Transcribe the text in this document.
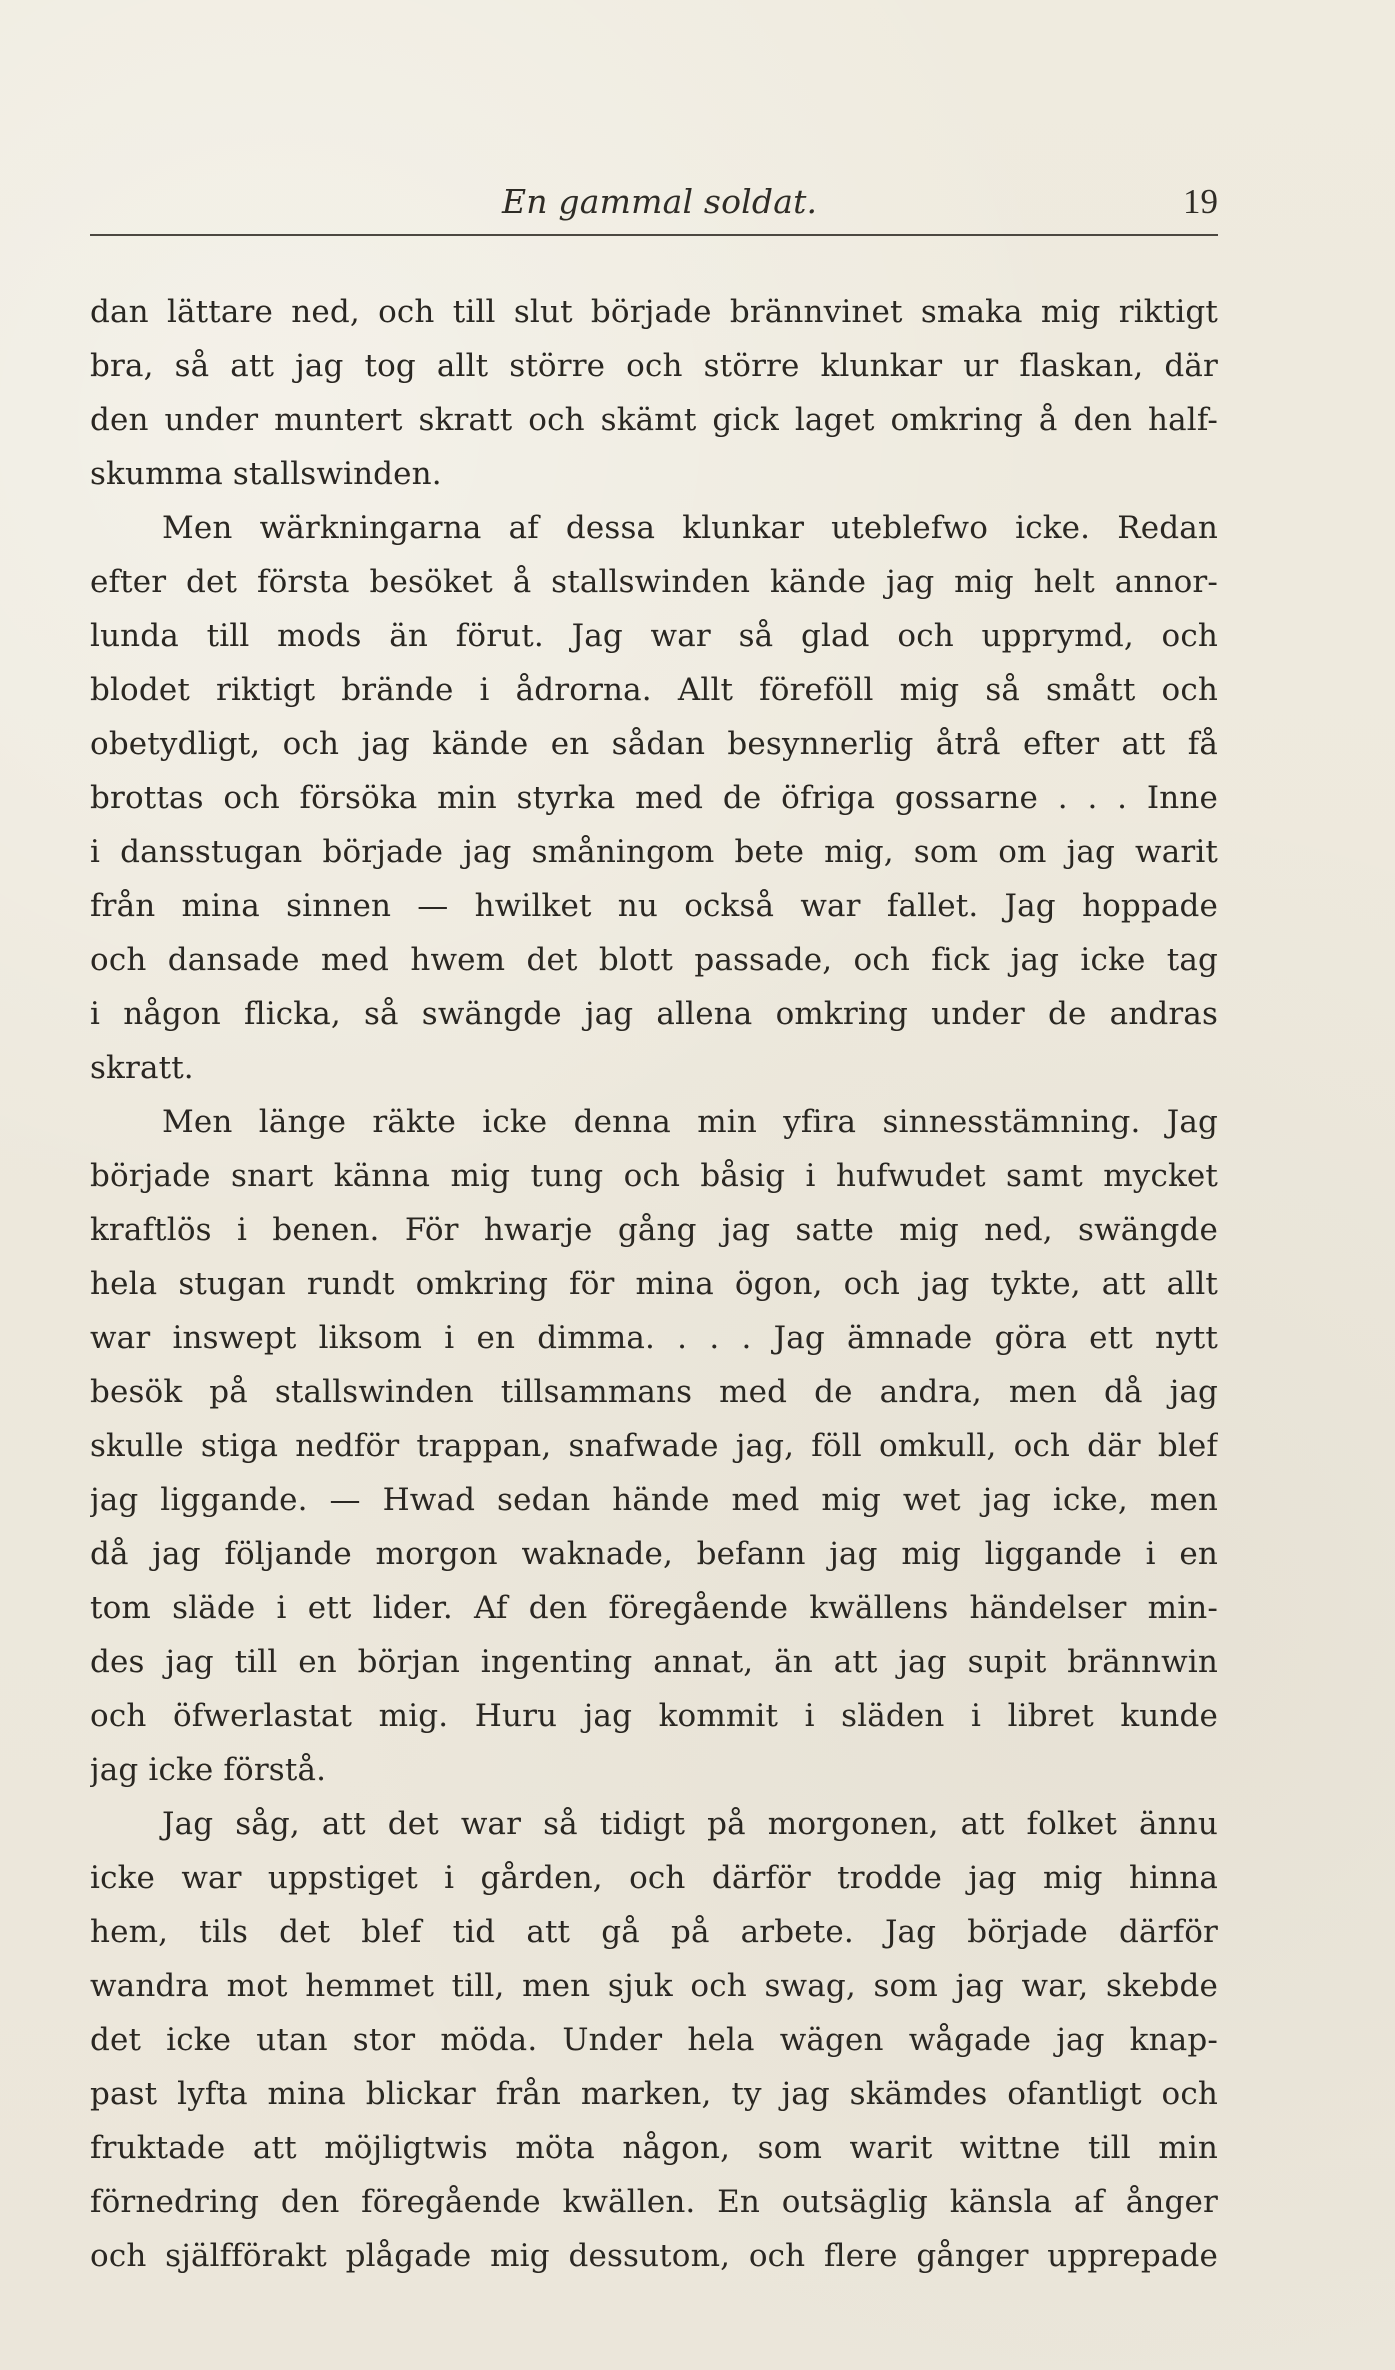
En gammal soldat.	19
dan lättare ned, och till slut började brännvinet smaka mig riktigt
bra, så att jag tog allt större och större klunkar ur flaskan, där
den under muntert skratt och skämt gick laget omkring å den half-
skumma stallswinden.
Men wärkningarna af dessa klunkar uteblefwo icke. Redan
efter det första besöket å stallswinden kände jag mig helt annor-
lunda till mods än förut. Jag war så glad och upprymd, och
blodet riktigt brände i ådrorna. Allt föreföll mig så smått och
obetydligt, och jag kände en sådan besynnerlig åtrå efter att få
brottas och försöka min styrka med de öfriga gossarne . . . Inne
i dansstugan började jag småningom bete mig, som om jag warit
från mina sinnen — hwilket nu också war fallet. Jag hoppade
och dansade med hwem det blott passade, och fick jag icke tag
i någon flicka, så swängde jag allena omkring under de andras
skratt.
Men länge räkte icke denna min yfira sinnesstämning. Jag
började snart känna mig tung och båsig i hufwudet samt mycket
kraftlös i benen. För hwarje gång jag satte mig ned, swängde
hela stugan rundt omkring för mina ögon, och jag tykte, att allt
war inswept liksom i en dimma. . . . Jag ämnade göra ett nytt
besök på stallswinden tillsammans med de andra, men då jag
skulle stiga nedför trappan, snafwade jag, föll omkull, och där blef
jag liggande. — Hwad sedan hände med mig wet jag icke, men
då jag följande morgon waknade, befann jag mig liggande i en
tom släde i ett lider. Af den föregående kwällens händelser min-
des jag till en början ingenting annat, än att jag supit brännwin
och öfwerlastat mig. Huru jag kommit i släden i libret kunde
jag icke förstå.
Jag såg, att det war så tidigt på morgonen, att folket ännu
icke war uppstiget i gården, och därför trodde jag mig hinna
hem, tils det blef tid att gå på arbete. Jag började därför
wandra mot hemmet till, men sjuk och swag, som jag war, skebde
det icke utan stor möda. Under hela wägen wågade jag knap-
past lyfta mina blickar från marken, ty jag skämdes ofantligt och
fruktade att möjligtwis möta någon, som warit wittne till min
förnedring den föregående kwällen. En outsäglig känsla af ånger
och själfförakt plågade mig dessutom, och flere gånger upprepade
